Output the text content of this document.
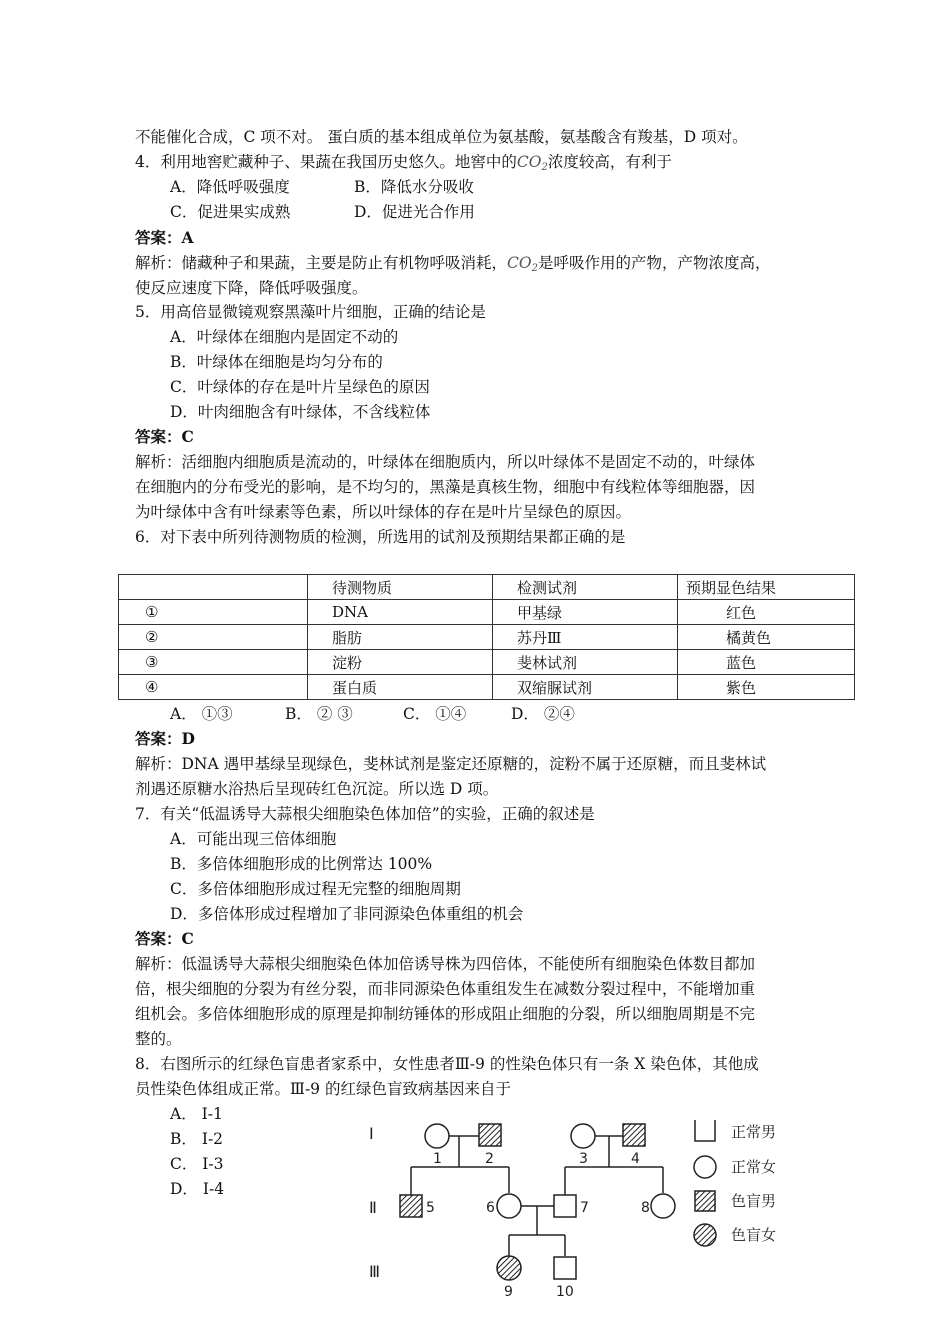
不能催化合成，C 项不对。 蛋白质的基本组成单位为氨基酸，氨基酸含有羧基，D 项对。
4．利用地窖贮藏种子、果蔬在我国历史悠久。地窖中的$CO_2$浓度较高，有利于
A．降低呼吸强度	B．降低水分吸收
C．促进果实成熟	D．促进光合作用
答案：A
解析：储藏种子和果蔬，主要是防止有机物呼吸消耗，$CO_2$是呼吸作用的产物，产物浓度高，
使反应速度下降，降低呼吸强度。
5．用高倍显微镜观察黑藻叶片细胞，正确的结论是
A．叶绿体在细胞内是固定不动的
B．叶绿体在细胞是均匀分布的
C．叶绿体的存在是叶片呈绿色的原因
D．叶肉细胞含有叶绿体，不含线粒体
答案：C
解析：活细胞内细胞质是流动的，叶绿体在细胞质内，所以叶绿体不是固定不动的，叶绿体
在细胞内的分布受光的影响，是不均匀的，黑藻是真核生物，细胞中有线粒体等细胞器，因
为叶绿体中含有叶绿素等色素，所以叶绿体的存在是叶片呈绿色的原因。
6．对下表中所列待测物质的检测，所选用的试剂及预期结果都正确的是
	待测物质	检测试剂	预期显色结果
①	DNA	甲基绿	红色
②	脂肪	苏丹Ⅲ	橘黄色
③	淀粉	斐林试剂	蓝色
④	蛋白质	双缩脲试剂	紫色
A． ①③	B． ② ③	C． ①④	D． ②④
答案：D
解析：DNA 遇甲基绿呈现绿色，斐林试剂是鉴定还原糖的，淀粉不属于还原糖，而且斐林试
剂遇还原糖水浴热后呈现砖红色沉淀。所以选 D 项。
7．有关“低温诱导大蒜根尖细胞染色体加倍”的实验，正确的叙述是
A．可能出现三倍体细胞
B．多倍体细胞形成的比例常达 100%
C．多倍体细胞形成过程无完整的细胞周期
D．多倍体形成过程增加了非同源染色体重组的机会
答案：C
解析：低温诱导大蒜根尖细胞染色体加倍诱导株为四倍体，不能使所有细胞染色体数目都加
倍，根尖细胞的分裂为有丝分裂，而非同源染色体重组发生在减数分裂过程中，不能增加重
组机会。多倍体细胞形成的原理是抑制纺锤体的形成阻止细胞的分裂，所以细胞周期是不完
整的。
8．右图所示的红绿色盲患者家系中，女性患者Ⅲ-9 的性染色体只有一条 X 染色体，其他成
员性染色体组成正常。Ⅲ-9 的红绿色盲致病基因来自于
A． Ⅰ-1
B． Ⅰ-2
C． Ⅰ-3
D． Ⅰ-4
Ⅰ
Ⅱ
Ⅲ
1	2	3	4
5	6	7	8
9	10
正常男
正常女
色盲男
色盲女
